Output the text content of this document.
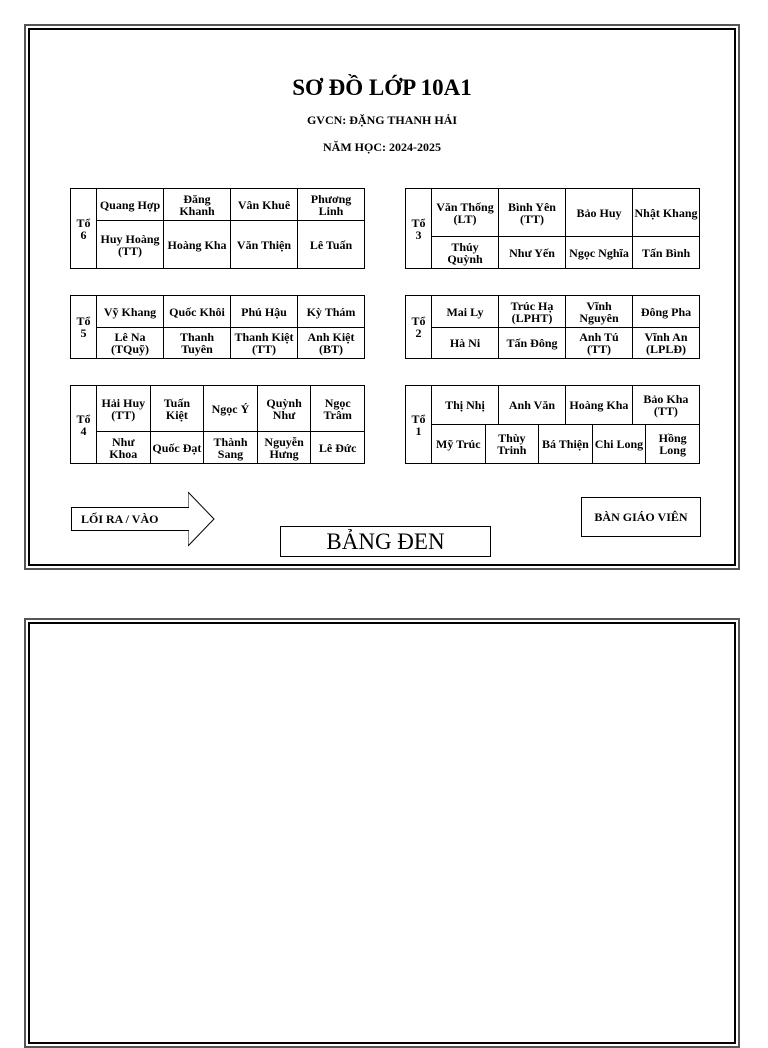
SƠ ĐỒ LỚP 10A1
GVCN: ĐẶNG THANH HẢI
NĂM HỌC: 2024-2025
Tổ
6	Quang Hợp	Đăng Khanh	Vân Khuê	Phương Linh
	Huy Hoàng (TT)	Hoàng Kha	Văn Thiện	Lê Tuấn
Tổ
3	Văn Thống (LT)	Bình Yên (TT)	Bảo Huy	Nhật Khang
	Thúy Quỳnh	Như Yến	Ngọc Nghĩa	Tấn Bình
Tổ
5	Vỹ Khang	Quốc Khôi	Phú Hậu	Kỳ Thám
	Lê Na (TQuỹ)	Thanh Tuyên	Thanh Kiệt (TT)	Anh Kiệt (BT)
Tổ
2	Mai Ly	Trúc Hạ (LPHT)	Vĩnh Nguyên	Đông Pha
	Hà Ni	Tấn Đông	Anh Tú (TT)	Vĩnh An (LPLĐ)
Tổ
4	Hải Huy (TT)	Tuấn Kiệt	Ngọc Ý	Quỳnh Như	Ngọc Trâm
	Như Khoa	Quốc Đạt	Thành Sang	Nguyễn Hưng	Lê Đức
Tổ
1	Thị Nhị		Anh Văn		Hoàng Kha		Bảo Kha (TT)	
	Mỹ Trúc	Thùy Trinh		Bá Thiện		Chi Long		Hồng Long
LỐI RA / VÀO	BÀN GIÁO VIÊN
BẢNG ĐEN
